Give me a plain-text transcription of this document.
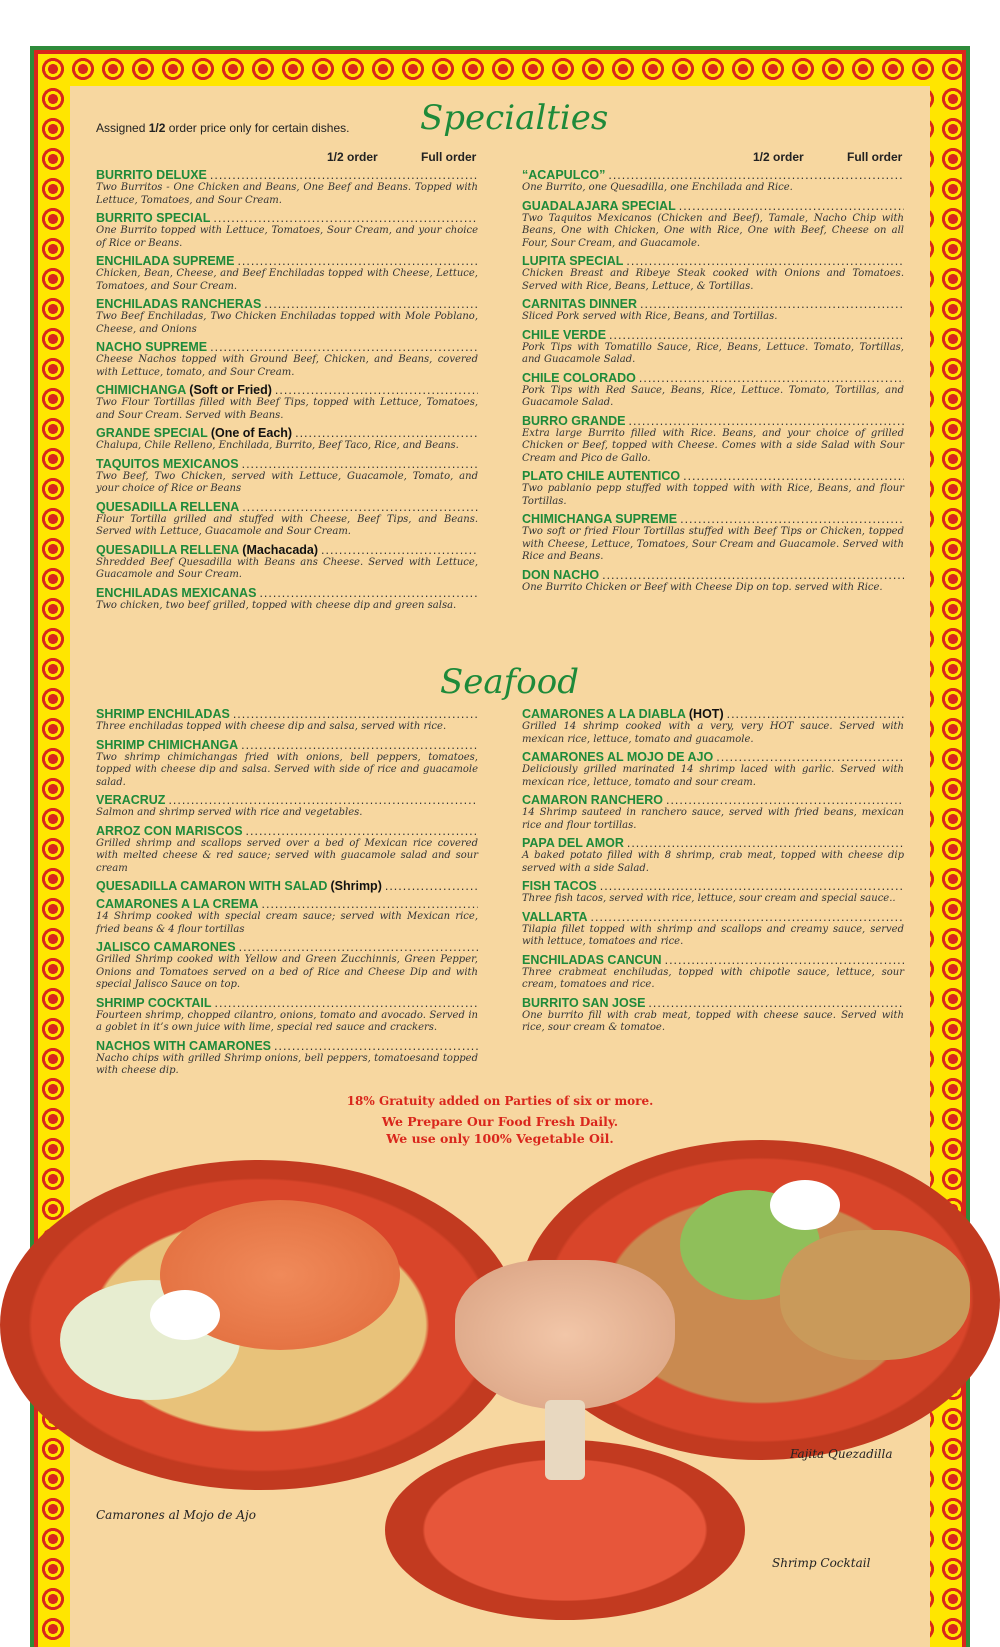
Assigned 1/2 order price only for certain dishes. Specialties
1/2 order	Full order	1/2 order	Full order
BURRITO DELUXE
.....
Two Burritos - One Chicken and Beans, One Beef and Beans. Topped with Lettuce, Tomatoes, and Sour Cream.
BURRITO SPECIAL
.....
One Burrito topped with Lettuce, Tomatoes, Sour Cream, and your choice of Rice or Beans.
ENCHILADA SUPREME
.....
Chicken, Bean, Cheese, and Beef Enchiladas topped with Cheese, Lettuce, Tomatoes, and Sour Cream.
ENCHILADAS RANCHERAS
.....
Two Beef Enchiladas, Two Chicken Enchiladas topped with Mole Poblano, Cheese, and Onions
NACHO SUPREME
.....
Cheese Nachos topped with Ground Beef, Chicken, and Beans, covered with Lettuce, tomato, and Sour Cream.
CHIMICHANGA (Soft or Fried)
.....
Two Flour Tortillas filled with Beef Tips, topped with Lettuce, Tomatoes, and Sour Cream. Served with Beans.
GRANDE SPECIAL (One of Each)
.....
Chalupa, Chile Relleno, Enchilada, Burrito, Beef Taco, Rice, and Beans.
TAQUITOS MEXICANOS
.....
Two Beef, Two Chicken, served with Lettuce, Guacamole, Tomato, and your choice of Rice or Beans
QUESADILLA RELLENA
.....
Flour Tortilla grilled and stuffed with Cheese, Beef Tips, and Beans. Served with Lettuce, Guacamole and Sour Cream.
QUESADILLA RELLENA (Machacada)
.....
Shredded Beef Quesadilla with Beans ans Cheese. Served with Lettuce, Guacamole and Sour Cream.
ENCHILADAS MEXICANAS
.....
Two chicken, two beef grilled, topped with cheese dip and green salsa.
“ACAPULCO”
.....
One Burrito, one Quesadilla, one Enchilada and Rice.
GUADALAJARA SPECIAL
.....
Two Taquitos Mexicanos (Chicken and Beef), Tamale, Nacho Chip with Beans, One with Chicken, One with Rice, One with Beef, Cheese on all Four, Sour Cream, and Guacamole.
LUPITA SPECIAL
.....
Chicken Breast and Ribeye Steak cooked with Onions and Tomatoes. Served with Rice, Beans, Lettuce, & Tortillas.
CARNITAS DINNER
.....
Sliced Pork served with Rice, Beans, and Tortillas.
CHILE VERDE
.....
Pork Tips with Tomatillo Sauce, Rice, Beans, Lettuce. Tomato, Tortillas, and Guacamole Salad.
CHILE COLORADO
.....
Pork Tips with Red Sauce, Beans, Rice, Lettuce. Tomato, Tortillas, and Guacamole Salad.
BURRO GRANDE
.....
Extra large Burrito filled with Rice. Beans, and your choice of grilled Chicken or Beef, topped with Cheese. Comes with a side Salad with Sour Cream and Pico de Gallo.
PLATO CHILE AUTENTICO
.....
Two pablanio pepp stuffed with topped with with Rice, Beans, and flour Tortillas.
CHIMICHANGA SUPREME
.....
Two soft or fried Flour Tortillas stuffed with Beef Tips or Chicken, topped with Cheese, Lettuce, Tomatoes, Sour Cream and Guacamole. Served with Rice and Beans.
DON NACHO
.....
One Burrito Chicken or Beef with Cheese Dip on top. served with Rice.
Seafood
SHRIMP ENCHILADAS
.....
Three enchiladas topped with cheese dip and salsa, served with rice.
SHRIMP CHIMICHANGA
.....
Two shrimp chimichangas fried with onions, bell peppers, tomatoes, topped with cheese dip and salsa. Served with side of rice and guacamole salad.
VERACRUZ
.....
Salmon and shrimp served with rice and vegetables.
ARROZ CON MARISCOS
.....
Grilled shrimp and scallops served over a bed of Mexican rice covered with melted cheese & red sauce; served with guacamole salad and sour cream
QUESADILLA CAMARON WITH SALAD (Shrimp)
.....
CAMARONES A LA CREMA
.....
14 Shrimp cooked with special cream sauce; served with Mexican rice, fried beans & 4 flour tortillas
JALISCO CAMARONES
.....
Grilled Shrimp cooked with Yellow and Green Zucchinnis, Green Pepper, Onions and Tomatoes served on a bed of Rice and Cheese Dip and with special Jalisco Sauce on top.
SHRIMP COCKTAIL
.....
Fourteen shrimp, chopped cilantro, onions, tomato and avocado. Served in a goblet in it’s own juice with lime, special red sauce and crackers.
NACHOS WITH CAMARONES
.....
Nacho chips with grilled Shrimp onions, bell peppers, tomatoesand topped with cheese dip.
CAMARONES A LA DIABLA (HOT)
.....
Grilled 14 shrimp cooked with a very, very HOT sauce. Served with mexican rice, lettuce, tomato and guacamole.
CAMARONES AL MOJO DE AJO
.....
Deliciously grilled marinated 14 shrimp laced with garlic. Served with mexican rice, lettuce, tomato and sour cream.
CAMARON RANCHERO
.....
14 Shrimp sauteed in ranchero sauce, served with fried beans, mexican rice and flour tortillas.
PAPA DEL AMOR
.....
A baked potato filled with 8 shrimp, crab meat, topped with cheese dip served with a side Salad.
FISH TACOS
.....
Three fish tacos, served with rice, lettuce, sour cream and special sauce..
VALLARTA
.....
Tilapia fillet topped with shrimp and scallops and creamy sauce, served with lettuce, tomatoes and rice.
ENCHILADAS CANCUN
.....
Three crabmeat enchiludas, topped with chipotle sauce, lettuce, sour cream, tomatoes and rice.
BURRITO SAN JOSE
.....
One burrito fill with crab meat, topped with cheese sauce. Served with rice, sour cream & tomatoe.
18% Gratuity added on Parties of six or more.
We Prepare Our Food Fresh Daily.
We use only 100% Vegetable Oil.
Camarones al Mojo de Ajo
Fajita Quezadilla
Shrimp Cocktail
